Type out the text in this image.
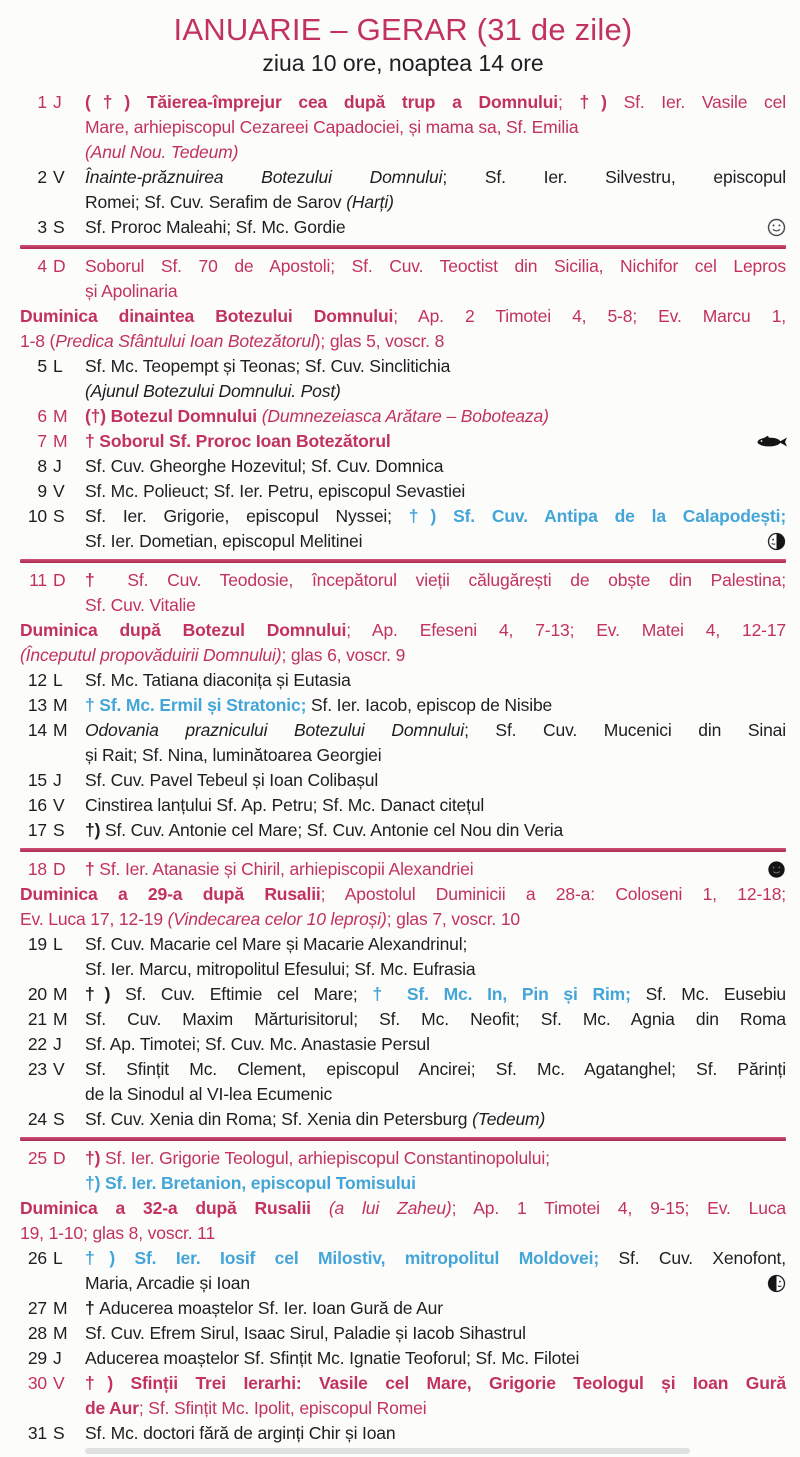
IANUARIE – GERAR (31 de zile)
ziua 10 ore, noaptea 14 ore
1 J	(†) Tăierea-împrejur cea după trup a Domnului; †) Sf. Ier. Vasile cel
Mare, arhiepiscopul Cezareei Capadociei, și mama sa, Sf. Emilia
(Anul Nou. Tedeum)
2 V	Înainte-prăznuirea Botezului Domnului; Sf. Ier. Silvestru, episcopul
Romei; Sf. Cuv. Serafim de Sarov (Harți)
3 S	Sf. Proroc Maleahi; Sf. Mc. Gordie
4 D	Soborul Sf. 70 de Apostoli; Sf. Cuv. Teoctist din Sicilia, Nichifor cel Lepros
și Apolinaria
Duminica dinaintea Botezului Domnului; Ap. 2 Timotei 4, 5-8; Ev. Marcu 1,
1-8 (Predica Sfântului Ioan Botezătorul); glas 5, voscr. 8
5 L	Sf. Mc. Teopempt și Teonas; Sf. Cuv. Sinclitichia
(Ajunul Botezului Domnului. Post)
6 M	(†) Botezul Domnului (Dumnezeiasca Arătare – Boboteaza)
7 M	† Soborul Sf. Proroc Ioan Botezătorul
8 J	Sf. Cuv. Gheorghe Hozevitul; Sf. Cuv. Domnica
9 V	Sf. Mc. Polieuct; Sf. Ier. Petru, episcopul Sevastiei
10 S	Sf. Ier. Grigorie, episcopul Nyssei; †) Sf. Cuv. Antipa de la Calapodești;
Sf. Ier. Dometian, episcopul Melitinei
11 D	† Sf. Cuv. Teodosie, începătorul vieții călugărești de obște din Palestina;
Sf. Cuv. Vitalie
Duminica după Botezul Domnului; Ap. Efeseni 4, 7-13; Ev. Matei 4, 12-17
(Începutul propovăduirii Domnului); glas 6, voscr. 9
12 L	Sf. Mc. Tatiana diaconița și Eutasia
13 M	† Sf. Mc. Ermil și Stratonic; Sf. Ier. Iacob, episcop de Nisibe
14 M	Odovania praznicului Botezului Domnului; Sf. Cuv. Mucenici din Sinai
și Rait; Sf. Nina, luminătoarea Georgiei
15 J	Sf. Cuv. Pavel Tebeul și Ioan Colibașul
16 V	Cinstirea lanțului Sf. Ap. Petru; Sf. Mc. Danact citețul
17 S	†) Sf. Cuv. Antonie cel Mare; Sf. Cuv. Antonie cel Nou din Veria
18 D	† Sf. Ier. Atanasie și Chiril, arhiepiscopii Alexandriei
Duminica a 29-a după Rusalii; Apostolul Duminicii a 28-a: Coloseni 1, 12-18;
Ev. Luca 17, 12-19 (Vindecarea celor 10 leproși); glas 7, voscr. 10
19 L	Sf. Cuv. Macarie cel Mare și Macarie Alexandrinul;
Sf. Ier. Marcu, mitropolitul Efesului; Sf. Mc. Eufrasia
20 M	†) Sf. Cuv. Eftimie cel Mare; † Sf. Mc. In, Pin și Rim; Sf. Mc. Eusebiu
21 M	Sf. Cuv. Maxim Mărturisitorul; Sf. Mc. Neofit; Sf. Mc. Agnia din Roma
22 J	Sf. Ap. Timotei; Sf. Cuv. Mc. Anastasie Persul
23 V	Sf. Sfințit Mc. Clement, episcopul Ancirei; Sf. Mc. Agatanghel; Sf. Părinți
de la Sinodul al VI-lea Ecumenic
24 S	Sf. Cuv. Xenia din Roma; Sf. Xenia din Petersburg (Tedeum)
25 D	†) Sf. Ier. Grigorie Teologul, arhiepiscopul Constantinopolului;
†) Sf. Ier. Bretanion, episcopul Tomisului
Duminica a 32-a după Rusalii (a lui Zaheu); Ap. 1 Timotei 4, 9-15; Ev. Luca
19, 1-10; glas 8, voscr. 11
26 L	†) Sf. Ier. Iosif cel Milostiv, mitropolitul Moldovei; Sf. Cuv. Xenofont,
Maria, Arcadie și Ioan
27 M	† Aducerea moaștelor Sf. Ier. Ioan Gură de Aur
28 M	Sf. Cuv. Efrem Sirul, Isaac Sirul, Paladie și Iacob Sihastrul
29 J	Aducerea moaștelor Sf. Sfințit Mc. Ignatie Teoforul; Sf. Mc. Filotei
30 V	†) Sfinții Trei Ierarhi: Vasile cel Mare, Grigorie Teologul și Ioan Gură
de Aur; Sf. Sfințit Mc. Ipolit, episcopul Romei
31 S	Sf. Mc. doctori fără de arginți Chir și Ioan
